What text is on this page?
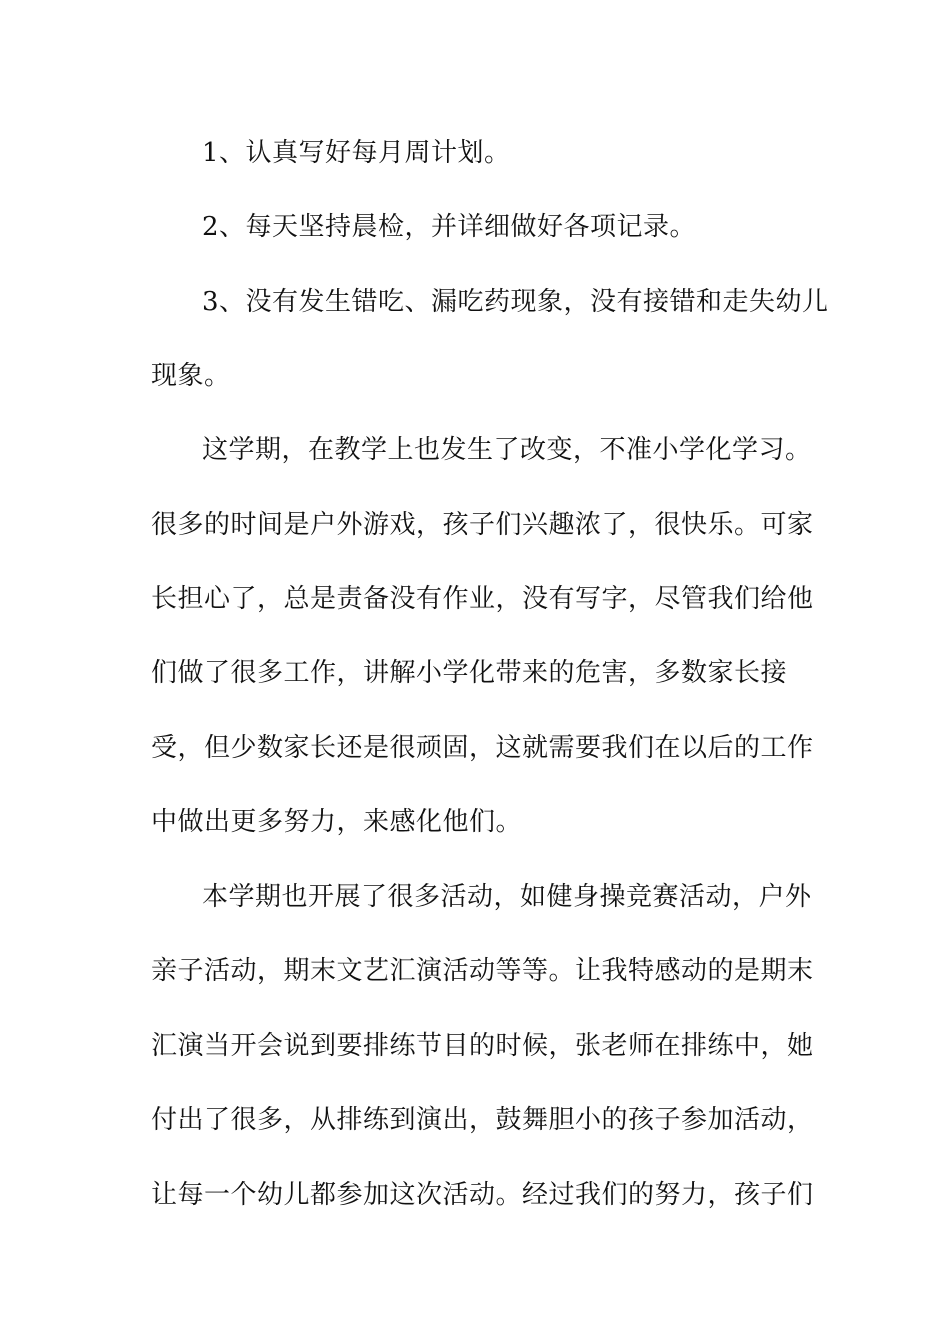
1、认真写好每月周计划。
2、每天坚持晨检，并详细做好各项记录。
3、没有发生错吃、漏吃药现象，没有接错和走失幼儿
现象。
这学期，在教学上也发生了改变，不准小学化学习。
很多的时间是户外游戏，孩子们兴趣浓了，很快乐。可家
长担心了，总是责备没有作业，没有写字，尽管我们给他
们做了很多工作，讲解小学化带来的危害，多数家长接
受，但少数家长还是很顽固，这就需要我们在以后的工作
中做出更多努力，来感化他们。
本学期也开展了很多活动，如健身操竞赛活动，户外
亲子活动，期末文艺汇演活动等等。让我特感动的是期末
汇演当开会说到要排练节目的时候，张老师在排练中，她
付出了很多，从排练到演出，鼓舞胆小的孩子参加活动，
让每一个幼儿都参加这次活动。经过我们的努力，孩子们
